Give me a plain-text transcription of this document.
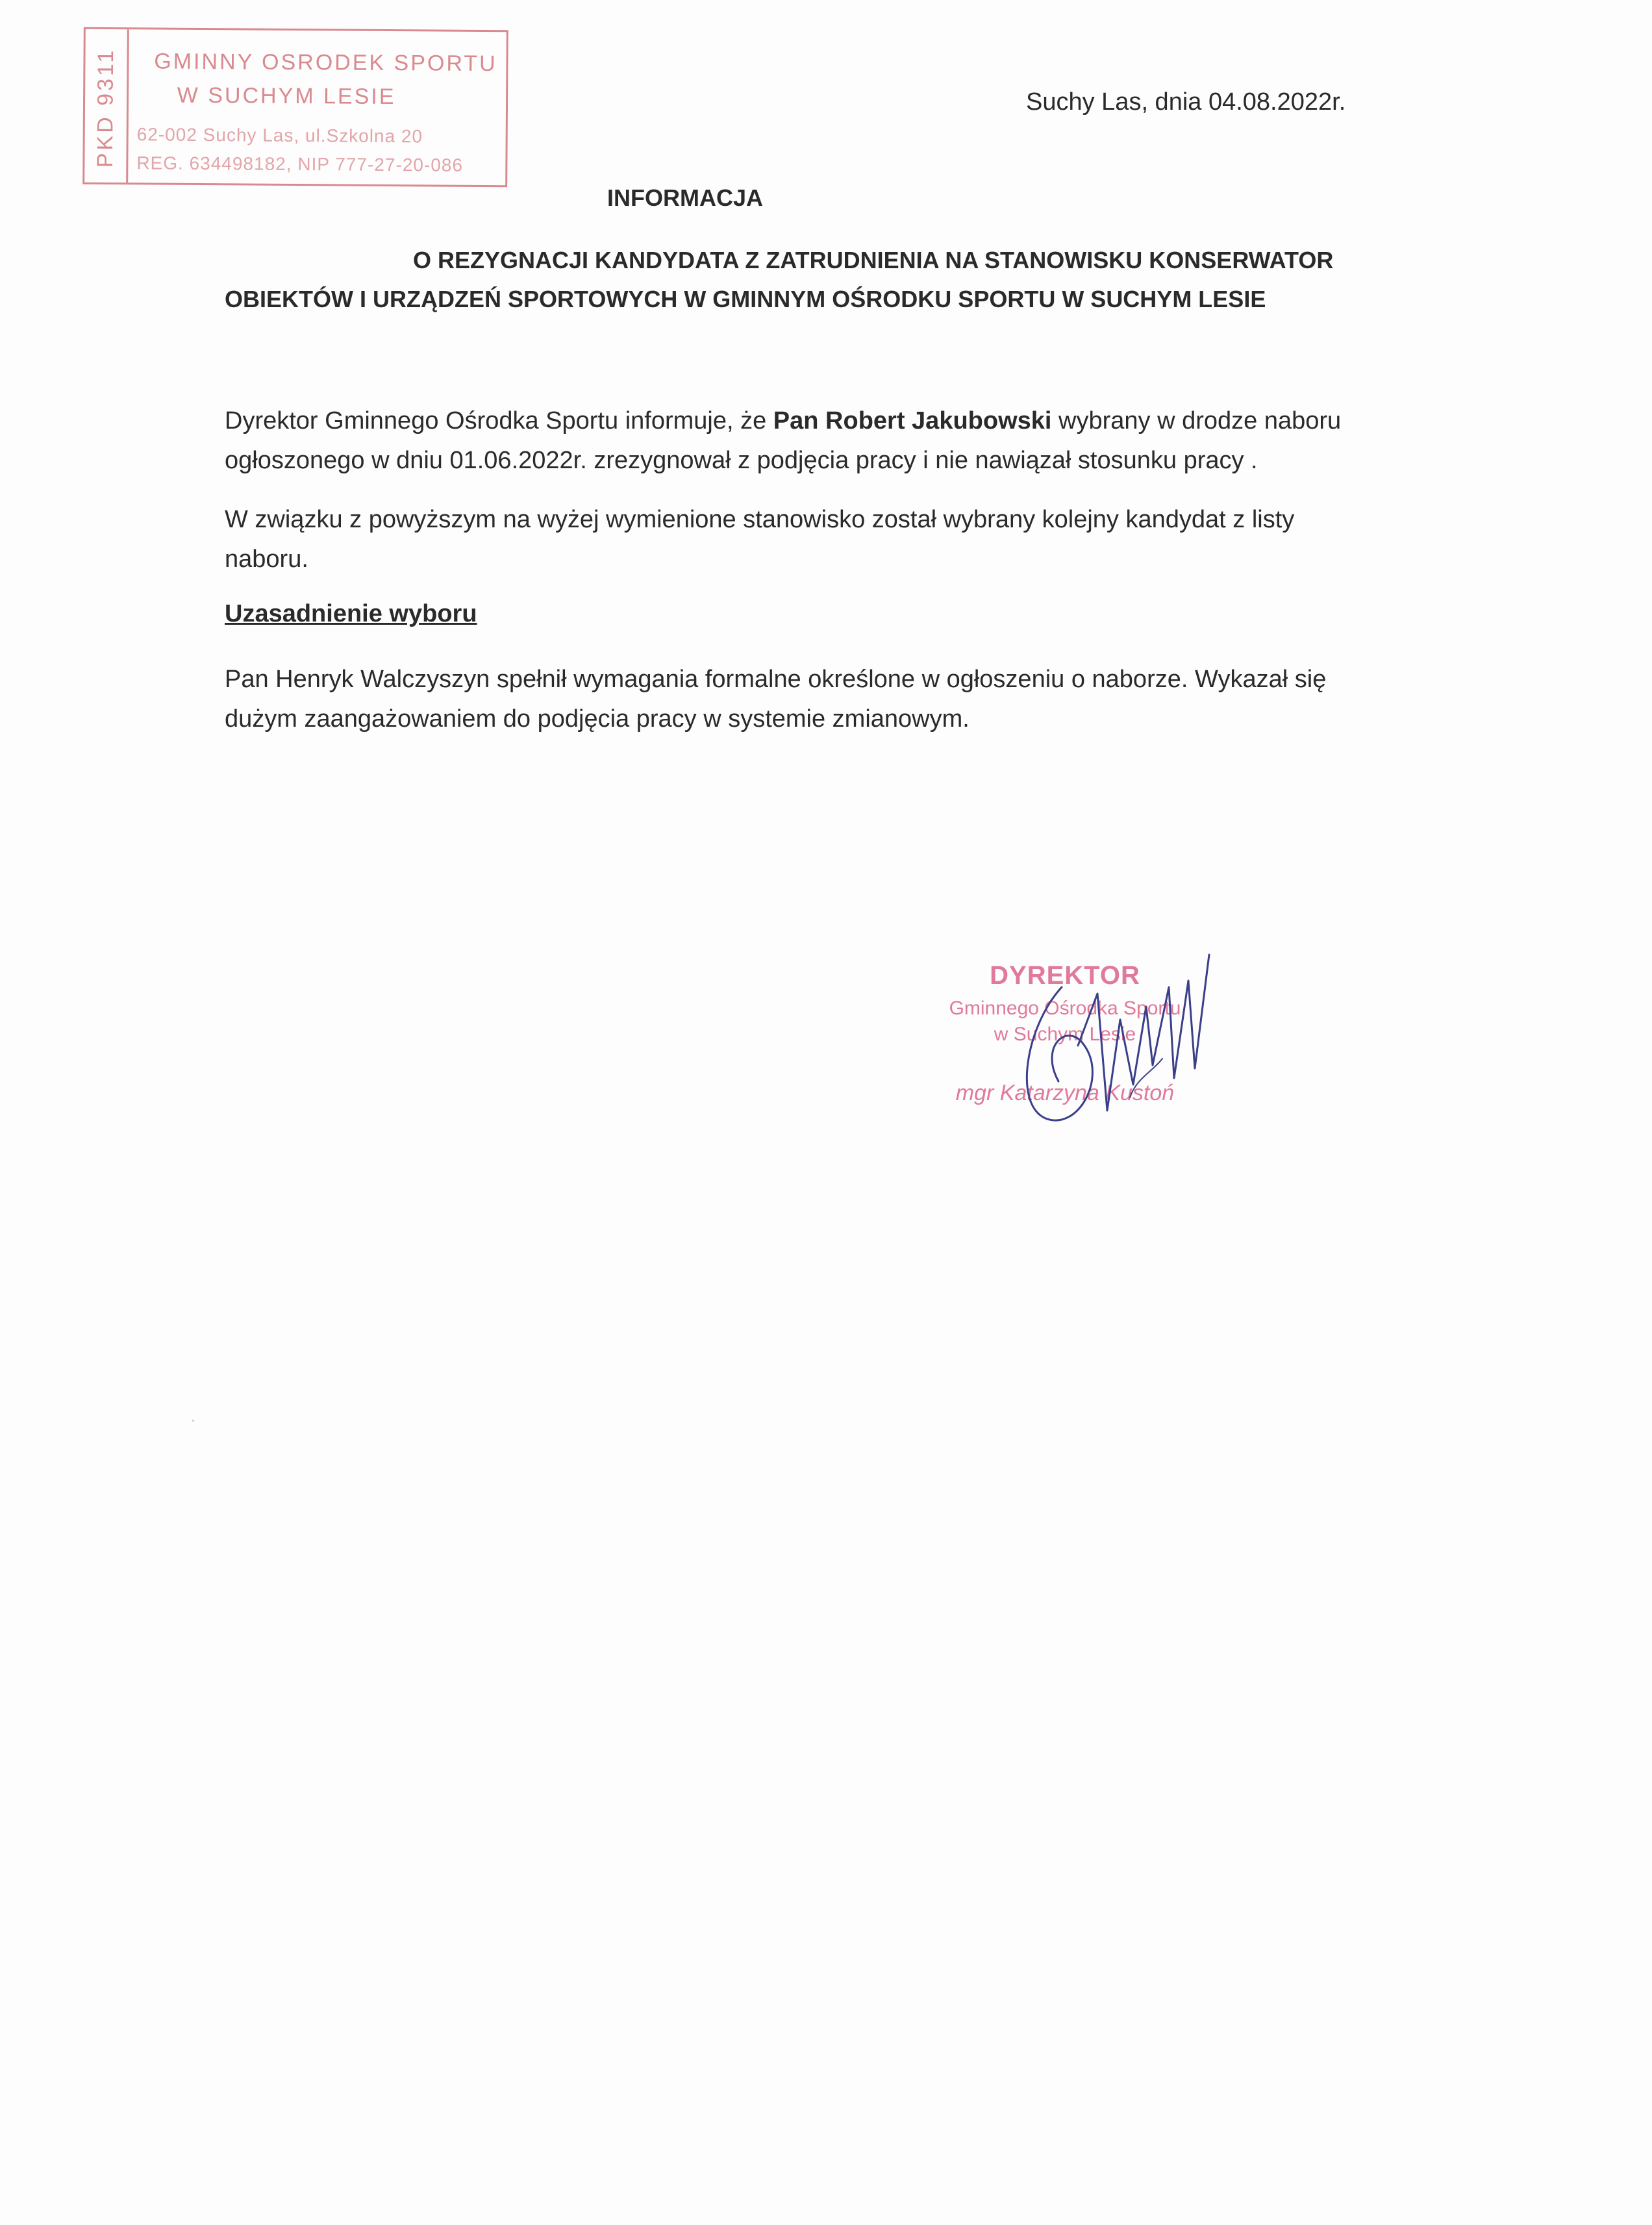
PKD 9311 GMINNY OSRODEK SPORTU
W SUCHYM LESIE
62-002 Suchy Las, ul.Szkolna 20
REG. 634498182, NIP 777-27-20-086
Suchy Las, dnia 04.08.2022r.
INFORMACJA
O REZYGNACJI KANDYDATA Z ZATRUDNIENIA NA STANOWISKU KONSERWATOR
OBIEKTÓW I URZĄDZEŃ SPORTOWYCH W GMINNYM OŚRODKU SPORTU W SUCHYM LESIE
Dyrektor Gminnego Ośrodka Sportu informuje, że Pan Robert Jakubowski wybrany w drodze naboru
ogłoszonego w dniu 01.06.2022r. zrezygnował z podjęcia pracy i nie nawiązał stosunku pracy .
W związku z powyższym na wyżej wymienione stanowisko został wybrany kolejny kandydat z listy
naboru.
Uzasadnienie wyboru
Pan Henryk Walczyszyn spełnił wymagania formalne określone w ogłoszeniu o naborze. Wykazał się
dużym zaangażowaniem do podjęcia pracy w systemie zmianowym.
DYREKTOR
Gminnego Ośrodka Sportu
w Suchym Lesie
mgr Katarzyna Kustoń
